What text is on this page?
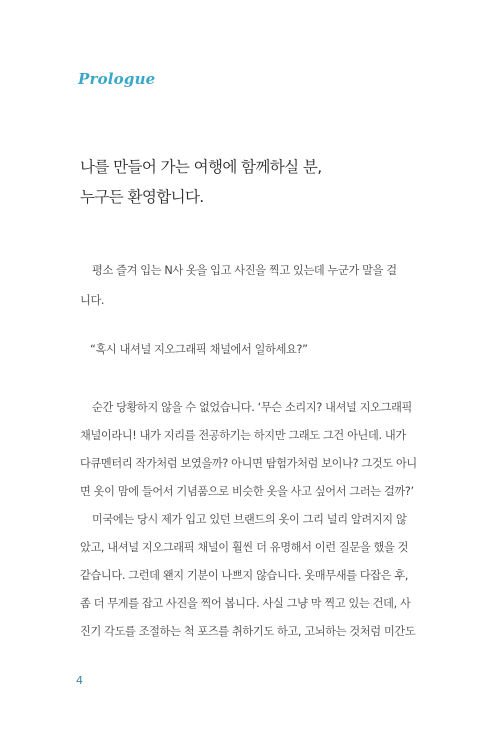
Prologue
나를 만들어 가는 여행에 함께하실 분,
누구든 환영합니다.
평소 즐겨 입는 N사 옷을 입고 사진을 찍고 있는데 누군가 말을 걸
니다.
“혹시 내셔널 지오그래픽 채널에서 일하세요?”
순간 당황하지 않을 수 없었습니다. ‘무슨 소리지? 내셔널 지오그래픽
채널이라니! 내가 지리를 전공하기는 하지만 그래도 그건 아닌데. 내가
다큐멘터리 작가처럼 보였을까? 아니면 탐험가처럼 보이나? 그것도 아니
면 옷이 맘에 들어서 기념품으로 비슷한 옷을 사고 싶어서 그러는 걸까?’
미국에는 당시 제가 입고 있던 브랜드의 옷이 그리 널리 알려지지 않
았고, 내셔널 지오그래픽 채널이 훨씬 더 유명해서 이런 질문을 했을 것
같습니다. 그런데 왠지 기분이 나쁘지 않습니다. 옷매무새를 다잡은 후,
좀 더 무게를 잡고 사진을 찍어 봅니다. 사실 그냥 막 찍고 있는 건데, 사
진기 각도를 조절하는 척 포즈를 취하기도 하고, 고뇌하는 것처럼 미간도
4
